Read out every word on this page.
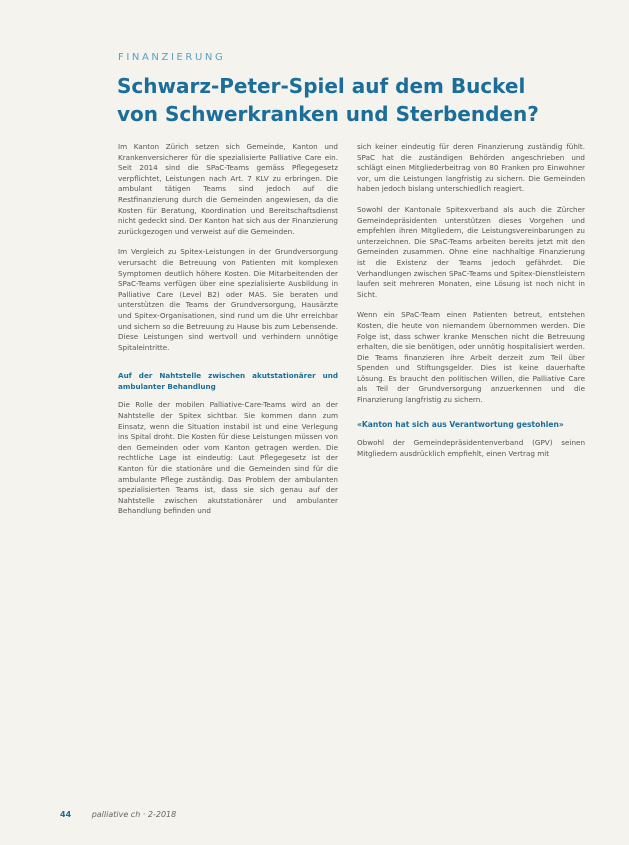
FINANZIERUNG
Schwarz-Peter-Spiel auf dem Buckel
von Schwerkranken und Sterbenden?

Im Kanton Zürich setzen sich Gemeinde, Kanton und Krankenversicherer für die spezialisierte Palliative Care ein. Seit 2014 sind die SPaC-Teams gemäss Pflegegesetz verpflichtet, Leistungen nach Art. 7 KLV zu erbringen. Die ambulant tätigen Teams sind jedoch auf die Restfinanzierung durch die Gemeinden angewiesen, da die Kosten für Beratung, Koordination und Bereitschaftsdienst nicht gedeckt sind. Der Kanton hat sich aus der Finanzierung zurückgezogen und verweist auf die Gemeinden.

Im Vergleich zu Spitex-Leistungen in der Grundversorgung verursacht die Betreuung von Patienten mit komplexen Symptomen deutlich höhere Kosten. Die Mitarbeitenden der SPaC-Teams verfügen über eine spezialisierte Ausbildung in Palliative Care (Level B2) oder MAS. Sie beraten und unterstützen die Teams der Grundversorgung, Hausärzte und Spitex-Organisationen, sind rund um die Uhr erreichbar und sichern so die Betreuung zu Hause bis zum Lebensende. Diese Leistungen sind wertvoll und verhindern unnötige Spitaleintritte.

Auf der Nahtstelle zwischen akutstationärer und ambulanter Behandlung

Die Rolle der mobilen Palliative-Care-Teams wird an der Nahtstelle der Spitex sichtbar. Sie kommen dann zum Einsatz, wenn die Situation instabil ist und eine Verlegung ins Spital droht. Die Kosten für diese Leistungen müssen von den Gemeinden oder vom Kanton getragen werden. Die rechtliche Lage ist eindeutig: Laut Pflegegesetz ist der Kanton für die stationäre und die Gemeinden sind für die ambulante Pflege zuständig. Das Problem der ambulanten spezialisierten Teams ist, dass sie sich genau auf der Nahtstelle zwischen akutstationärer und ambulanter Behandlung befinden und

sich keiner eindeutig für deren Finanzierung zuständig fühlt. SPaC hat die zuständigen Behörden angeschrieben und schlägt einen Mitgliederbeitrag von 80 Franken pro Einwohner vor, um die Leistungen langfristig zu sichern. Die Gemeinden haben jedoch bislang unterschiedlich reagiert.

Sowohl der Kantonale Spitexverband als auch die Zürcher Gemeindepräsidenten unterstützen dieses Vorgehen und empfehlen ihren Mitgliedern, die Leistungsvereinbarungen zu unterzeichnen. Die SPaC-Teams arbeiten bereits jetzt mit den Gemeinden zusammen. Ohne eine nachhaltige Finanzierung ist die Existenz der Teams jedoch gefährdet. Die Verhandlungen zwischen SPaC-Teams und Spitex-Dienstleistern laufen seit mehreren Monaten, eine Lösung ist noch nicht in Sicht.

Wenn ein SPaC-Team einen Patienten betreut, entstehen Kosten, die heute von niemandem übernommen werden. Die Folge ist, dass schwer kranke Menschen nicht die Betreuung erhalten, die sie benötigen, oder unnötig hospitalisiert werden. Die Teams finanzieren ihre Arbeit derzeit zum Teil über Spenden und Stiftungsgelder. Dies ist keine dauerhafte Lösung. Es braucht den politischen Willen, die Palliative Care als Teil der Grundversorgung anzuerkennen und die Finanzierung langfristig zu sichern.

«Kanton hat sich aus Verantwortung gestohlen»

Obwohl der Gemeindepräsidentenverband (GPV) seinen Mitgliedern ausdrücklich empfiehlt, einen Vertrag mit

44	palliative ch · 2-2018
